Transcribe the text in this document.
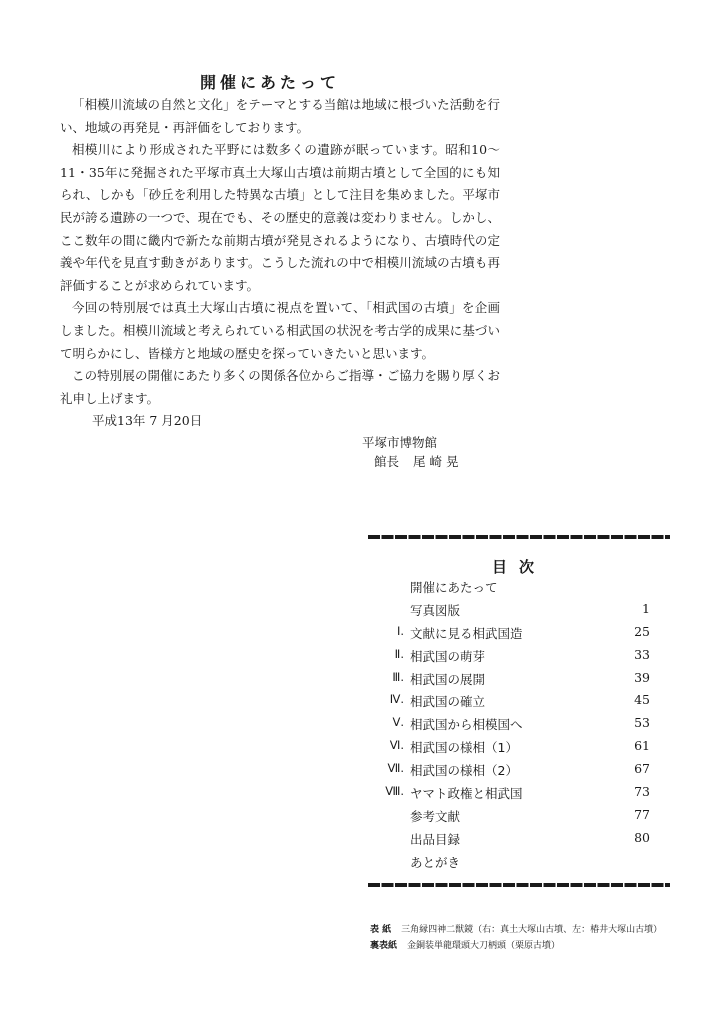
開催にあたって

「相模川流域の自然と文化」をテーマとする当館は地域に根づいた活動を行い、地域の再発見・再評価をしております。

相模川により形成された平野には数多くの遺跡が眠っています。昭和10～11・35年に発掘された平塚市真土大塚山古墳は前期古墳として全国的にも知られ、しかも「砂丘を利用した特異な古墳」として注目を集めました。平塚市民が誇る遺跡の一つで、現在でも、その歴史的意義は変わりません。しかし、ここ数年の間に畿内で新たな前期古墳が発見されるようになり、古墳時代の定義や年代を見直す動きがあります。こうした流れの中で相模川流域の古墳も再評価することが求められています。

今回の特別展では真土大塚山古墳に視点を置いて、「相武国の古墳」を企画しました。相模川流域と考えられている相武国の状況を考古学的成果に基づいて明らかにし、皆様方と地域の歴史を探っていきたいと思います。

この特別展の開催にあたり多くの関係各位からご指導・ご協力を賜り厚くお礼申し上げます。

平成13年 7 月20日
平塚市博物館
館長 尾 崎 晃
目次
開催にあたって
写真図版	1
Ⅰ. 文献に見る相武国造	25
Ⅱ. 相武国の萌芽	33
Ⅲ. 相武国の展開	39
Ⅳ. 相武国の確立	45
Ⅴ. 相武国から相模国へ	53
Ⅵ. 相武国の様相（1）	61
Ⅶ. 相武国の様相（2）	67
Ⅷ. ヤマト政権と相武国	73
参考文献	77
出品目録	80
あとがき
表 紙 三角縁四神二獣鏡（右：真土大塚山古墳、左：椿井大塚山古墳）
裏表紙 金銅装単龍環頭大刀柄頭（栗原古墳）
